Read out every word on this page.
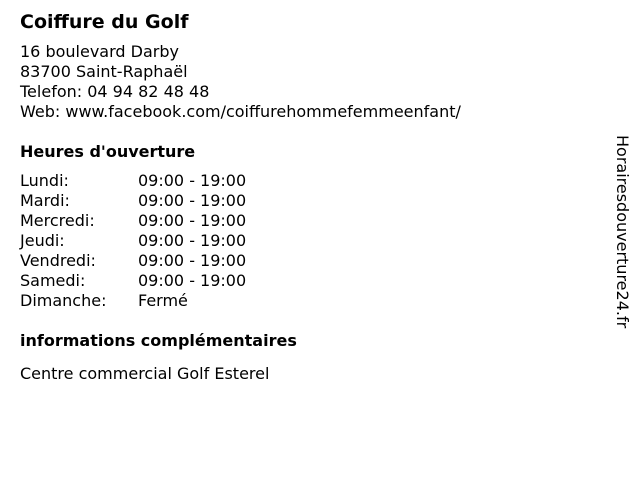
Coiffure du Golf
16 boulevard Darby
83700 Saint-Raphaël
Telefon: 04 94 82 48 48
Web: www.facebook.com/coiffurehommefemmeenfant/
Heures d'ouverture
Lundi:	09:00 - 19:00
Mardi:	09:00 - 19:00
Mercredi:	09:00 - 19:00
Jeudi:	09:00 - 19:00
Vendredi:	09:00 - 19:00
Samedi:	09:00 - 19:00
Dimanche:	Fermé
informations complémentaires
Centre commercial Golf Esterel
Horairesdouverture24.fr
